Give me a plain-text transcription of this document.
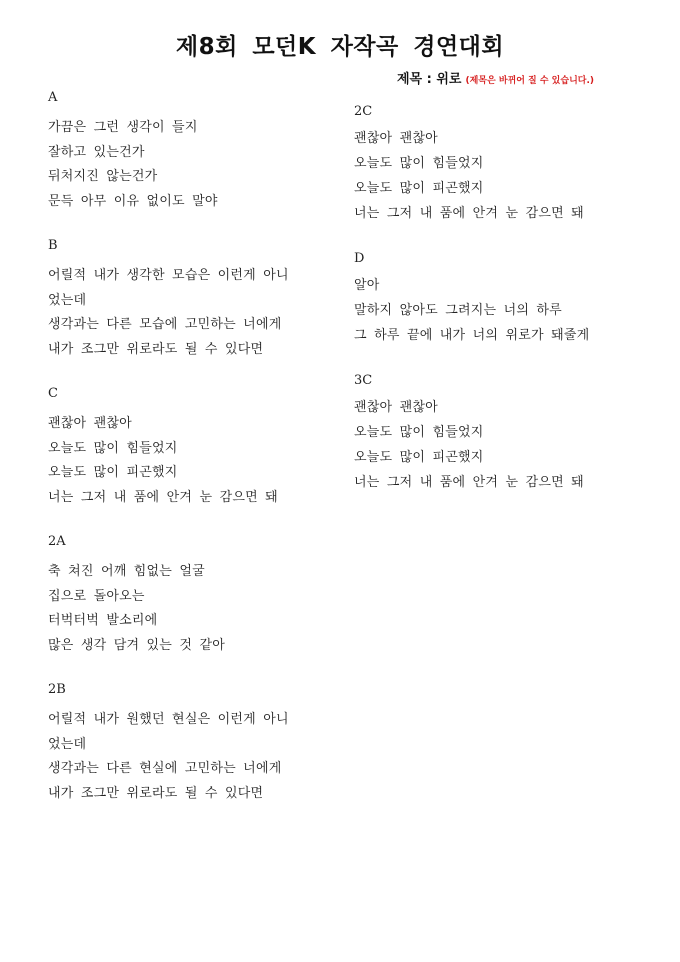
제8회 모던K 자작곡 경연대회
제목 : 위로 (제목은 바뀌어 질 수 있습니다.)
A
가끔은 그런 생각이 들지
잘하고 있는건가
뒤처지진 않는건가
문득 아무 이유 없이도 말야
B
어릴적 내가 생각한 모습은 이런게 아니
었는데
생각과는 다른 모습에 고민하는 너에게
내가 조그만 위로라도 될 수 있다면
C
괜찮아 괜찮아
오늘도 많이 힘들었지
오늘도 많이 피곤했지
너는 그저 내 품에 안겨 눈 감으면 돼
2A
축 쳐진 어깨 힘없는 얼굴
집으로 돌아오는
터벅터벅 발소리에
많은 생각 담겨 있는 것 같아
2B
어릴적 내가 원했던 현실은 이런게 아니
었는데
생각과는 다른 현실에 고민하는 너에게
내가 조그만 위로라도 될 수 있다면
2C
괜찮아 괜찮아
오늘도 많이 힘들었지
오늘도 많이 피곤했지
너는 그저 내 품에 안겨 눈 감으면 돼
D
알아
말하지 않아도 그려지는 너의 하루
그 하루 끝에 내가 너의 위로가 돼줄게
3C
괜찮아 괜찮아
오늘도 많이 힘들었지
오늘도 많이 피곤했지
너는 그저 내 품에 안겨 눈 감으면 돼
